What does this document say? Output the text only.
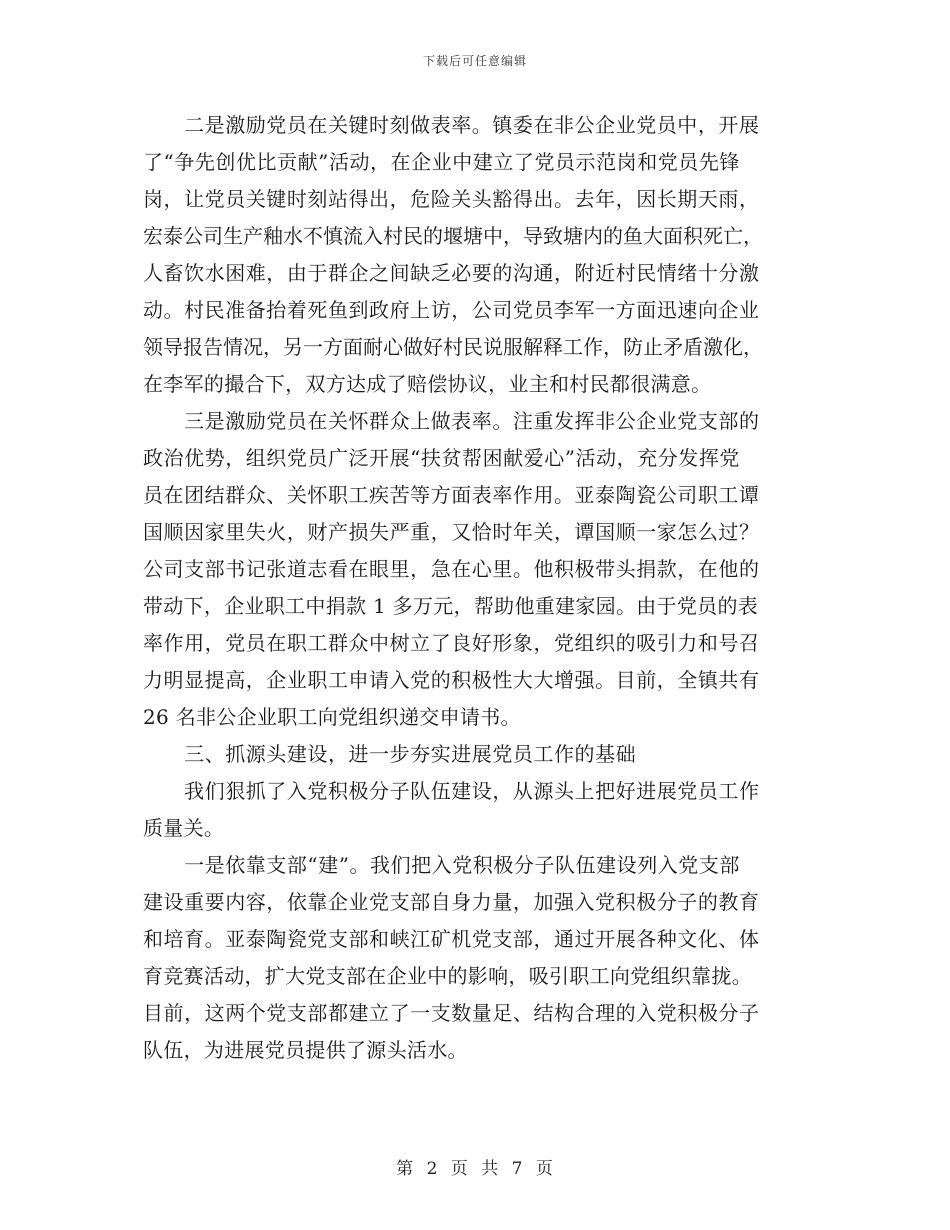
下载后可任意编辑
　　二是激励党员在关键时刻做表率。镇委在非公企业党员中，开展
了“争先创优比贡献”活动，在企业中建立了党员示范岗和党员先锋
岗，让党员关键时刻站得出，危险关头豁得出。去年，因长期天雨，
宏泰公司生产釉水不慎流入村民的堰塘中，导致塘内的鱼大面积死亡，
人畜饮水困难，由于群企之间缺乏必要的沟通，附近村民情绪十分激
动。村民准备抬着死鱼到政府上访，公司党员李军一方面迅速向企业
领导报告情况，另一方面耐心做好村民说服解释工作，防止矛盾激化，
在李军的撮合下，双方达成了赔偿协议，业主和村民都很满意。
　　三是激励党员在关怀群众上做表率。注重发挥非公企业党支部的
政治优势，组织党员广泛开展“扶贫帮困献爱心”活动，充分发挥党
员在团结群众、关怀职工疾苦等方面表率作用。亚泰陶瓷公司职工谭
国顺因家里失火，财产损失严重，又恰时年关，谭国顺一家怎么过？
公司支部书记张道志看在眼里，急在心里。他积极带头捐款，在他的
带动下，企业职工中捐款 1 多万元，帮助他重建家园。由于党员的表
率作用，党员在职工群众中树立了良好形象，党组织的吸引力和号召
力明显提高，企业职工申请入党的积极性大大增强。目前，全镇共有
26 名非公企业职工向党组织递交申请书。
　　三、抓源头建设，进一步夯实进展党员工作的基础
　　我们狠抓了入党积极分子队伍建设，从源头上把好进展党员工作
质量关。
　　一是依靠支部“建”。我们把入党积极分子队伍建设列入党支部
建设重要内容，依靠企业党支部自身力量，加强入党积极分子的教育
和培育。亚泰陶瓷党支部和峡江矿机党支部，通过开展各种文化、体
育竞赛活动，扩大党支部在企业中的影响，吸引职工向党组织靠拢。
目前，这两个党支部都建立了一支数量足、结构合理的入党积极分子
队伍，为进展党员提供了源头活水。
第 2 页 共 7 页
